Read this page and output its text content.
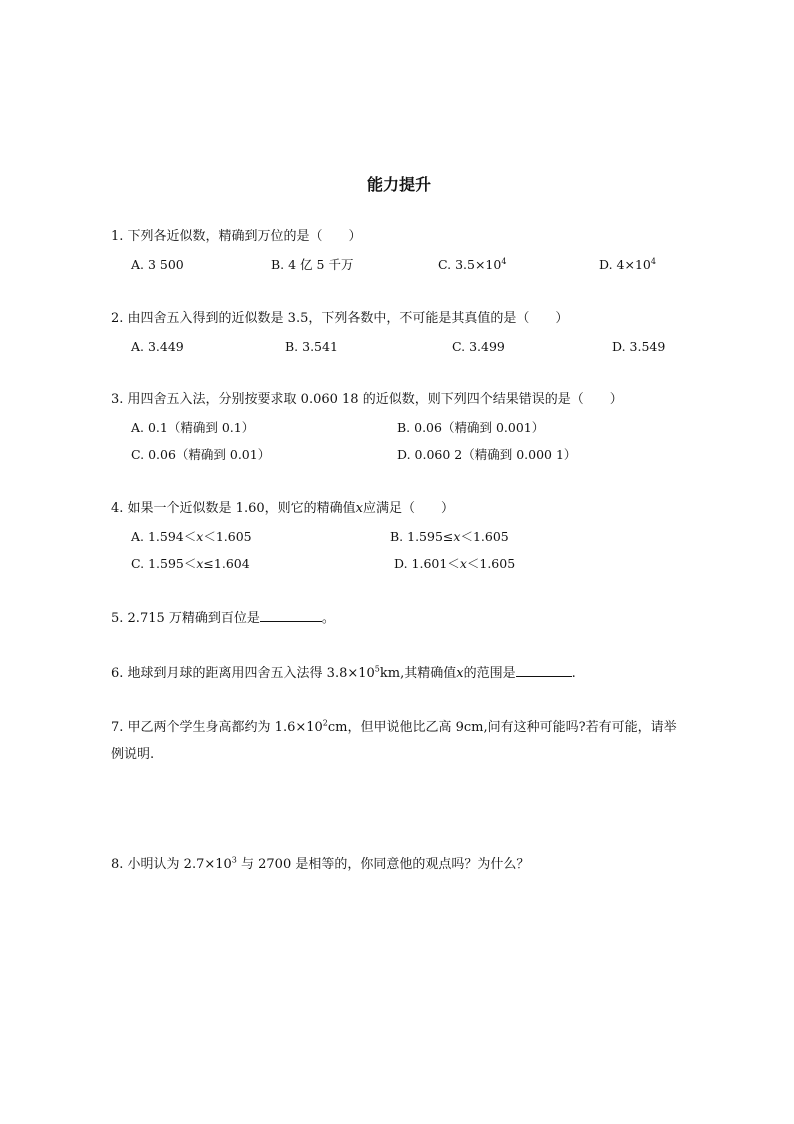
能力提升
1. 下列各近似数，精确到万位的是（　　）
A. 3 500	B. 4 亿 5 千万	C. $3.5\times 10^4$	D. $4\times 10^4$
2. 由四舍五入得到的近似数是 3.5，下列各数中，不可能是其真值的是（　　）
A. 3.449	B. 3.541	C. 3.499	D. 3.549
3. 用四舍五入法，分别按要求取 0.060 18 的近似数，则下列四个结果错误的是（　　）
A. 0.1（精确到 0.1）	B. 0.06（精确到 0.001）
C. 0.06（精确到 0.01）	D. 0.060 2（精确到 0.000 1）
4. 如果一个近似数是 1.60，则它的精确值x应满足（　　）
A. 1.594＜x＜1.605	B. 1.595≤x＜1.605
C. 1.595＜x≤1.604	D. 1.601＜x＜1.605
5. 2.715 万精确到百位是	。
6. 地球到月球的距离用四舍五入法得 $3.8\times 10^5km$,其精确值x的范围是	.
7. 甲乙两个学生身高都约为 $1.6\times 10^2cm$，但甲说他比乙高 9cm,问有这种可能吗?若有可能，请举
例说明.
8. 小明认为 $2.7\times 10^3$ 与 2700 是相等的，你同意他的观点吗？为什么？
